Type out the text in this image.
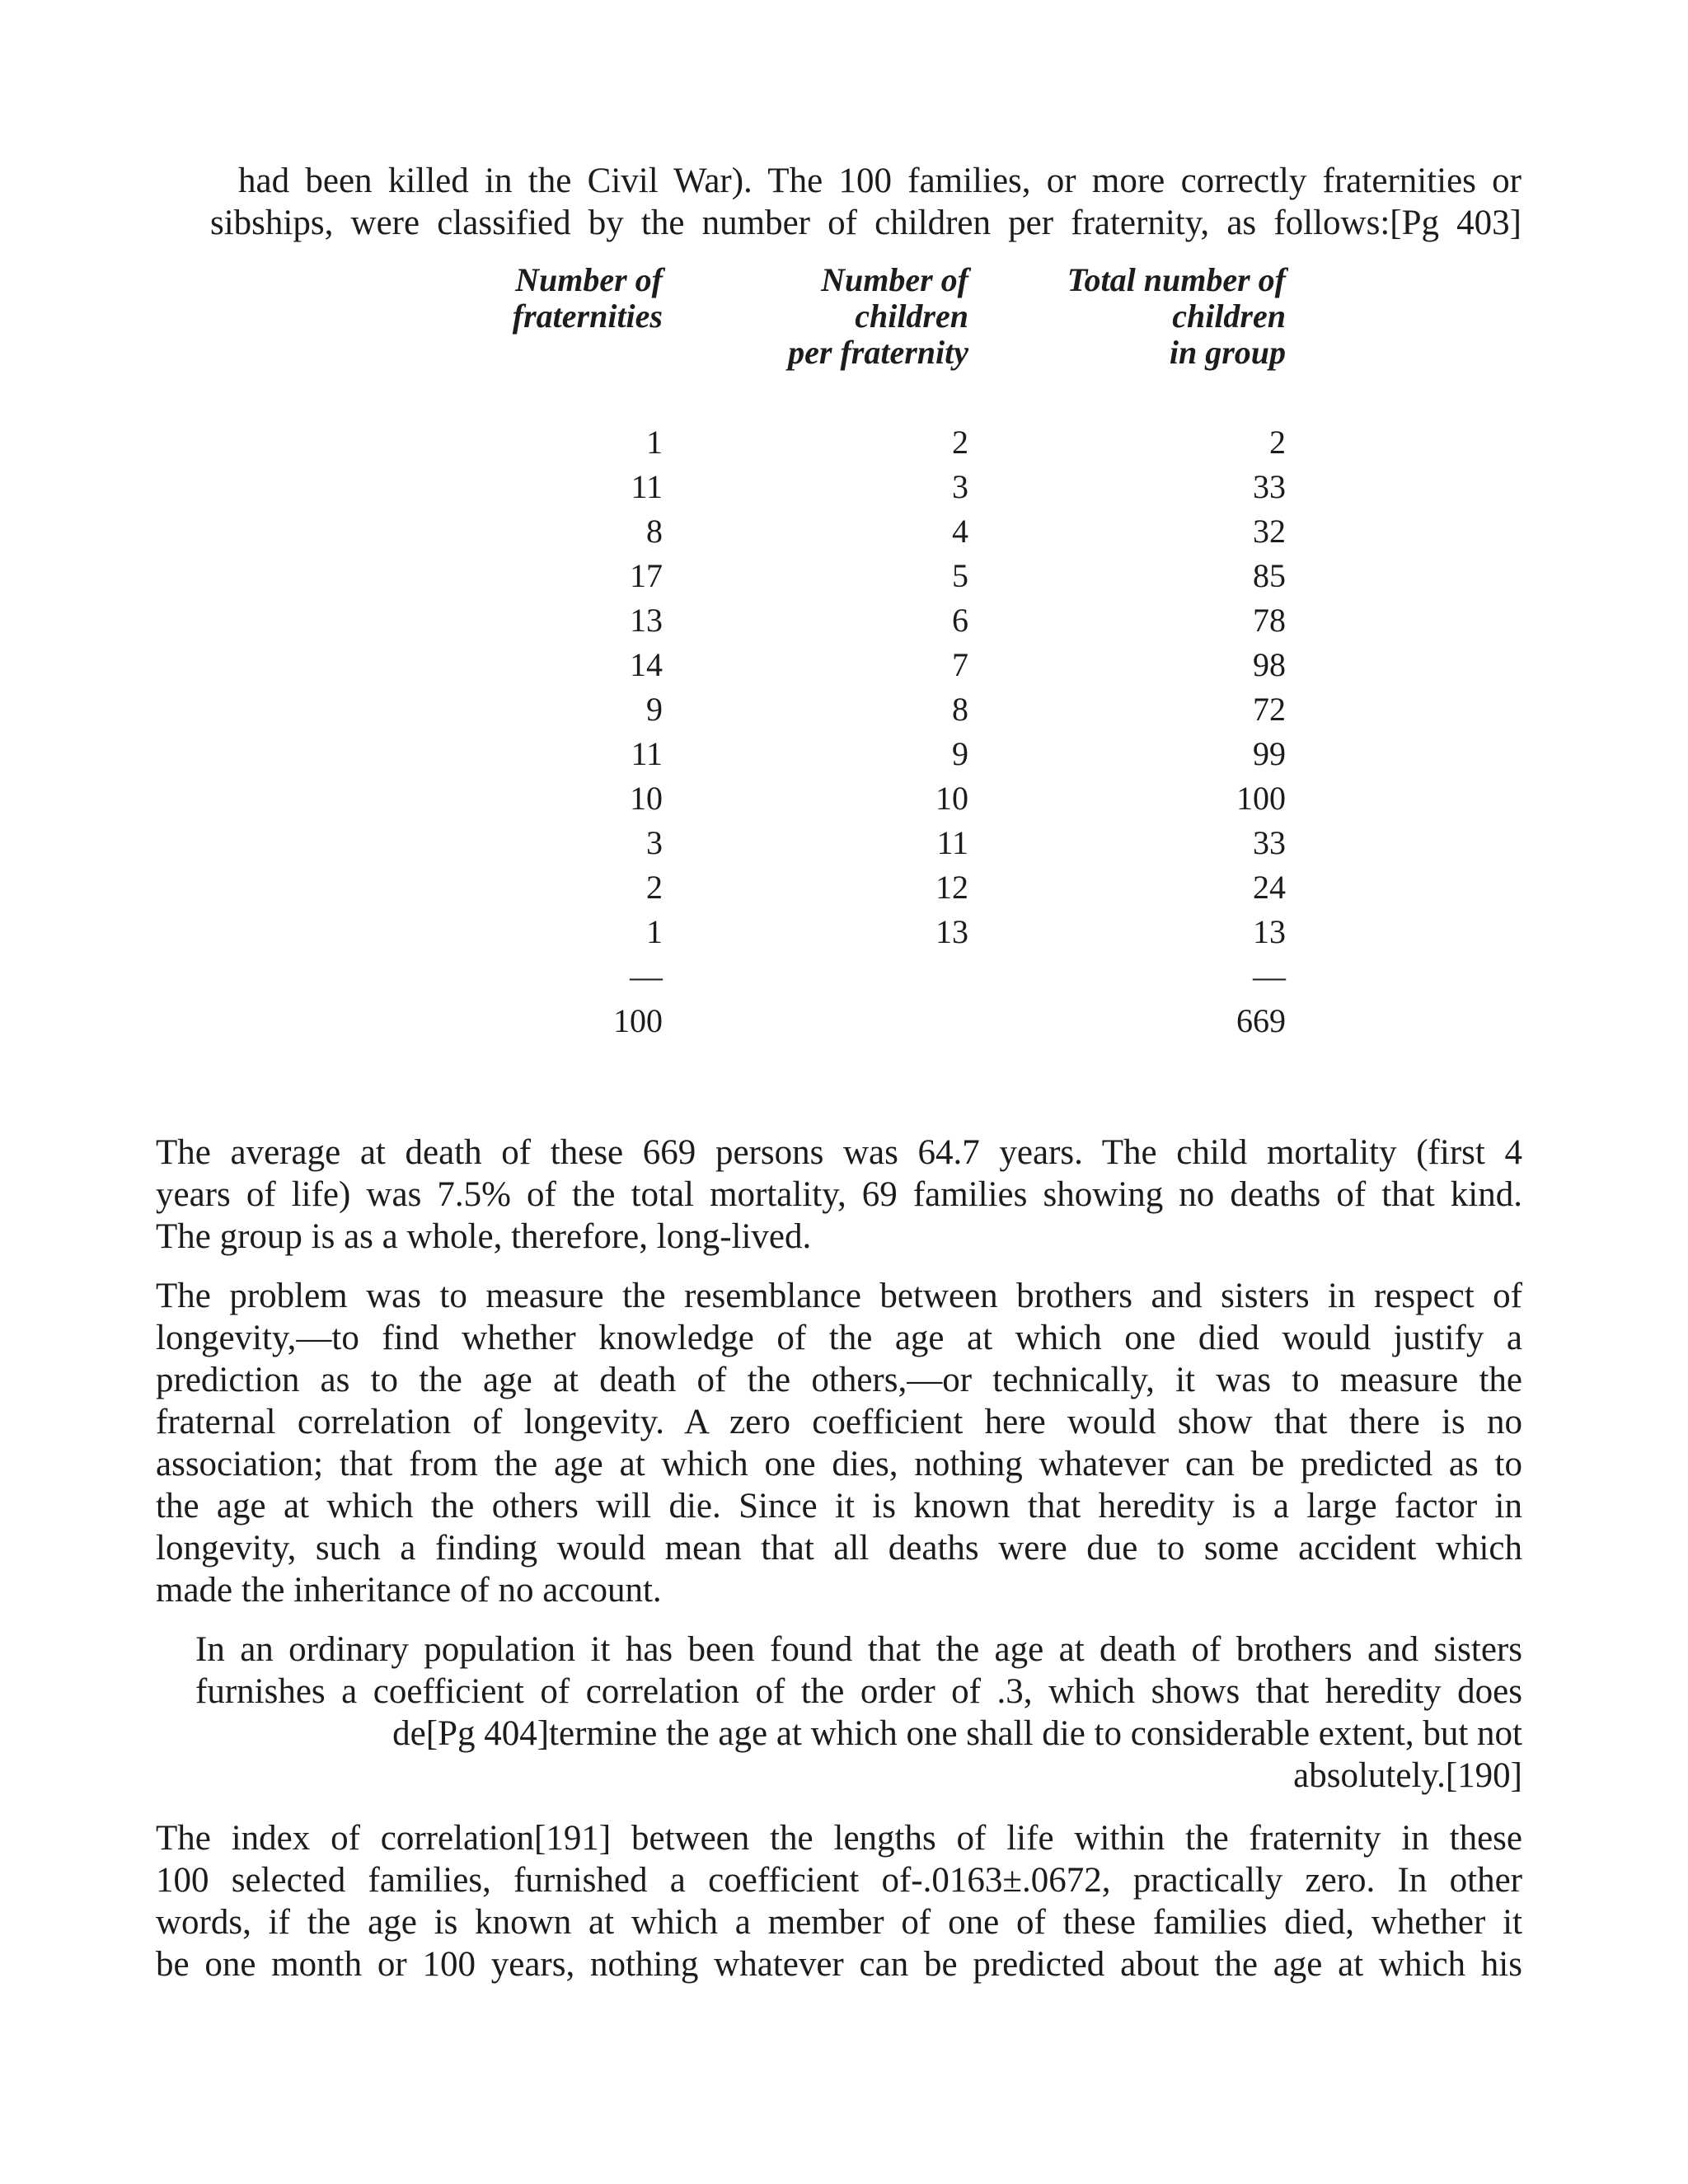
had been killed in the Civil War). The 100 families, or more correctly fraternities or
sibships, were classified by the number of children per fraternity, as follows:[Pg 403]
Number of
fraternities
Number of
children
per fraternity
Total number of
children
in group
1
11
8
17
13
14
9
11
10
3
2
1
—
100
2
3
4
5
6
7
8
9
10
11
12
13
2
33
32
85
78
98
72
99
100
33
24
13
—
669
The average at death of these 669 persons was 64.7 years. The child mortality (first 4
years of life) was 7.5% of the total mortality, 69 families showing no deaths of that kind.
The group is as a whole, therefore, long-lived.
The problem was to measure the resemblance between brothers and sisters in respect of
longevity,—to find whether knowledge of the age at which one died would justify a
prediction as to the age at death of the others,—or technically, it was to measure the
fraternal correlation of longevity. A zero coefficient here would show that there is no
association; that from the age at which one dies, nothing whatever can be predicted as to
the age at which the others will die. Since it is known that heredity is a large factor in
longevity, such a finding would mean that all deaths were due to some accident which
made the inheritance of no account.
In an ordinary population it has been found that the age at death of brothers and sisters
furnishes a coefficient of correlation of the order of .3, which shows that heredity does
de[Pg 404]termine the age at which one shall die to considerable extent, but not
absolutely.[190]
The index of correlation[191] between the lengths of life within the fraternity in these
100 selected families, furnished a coefficient of-.0163±.0672, practically zero. In other
words, if the age is known at which a member of one of these families died, whether it
be one month or 100 years, nothing whatever can be predicted about the age at which his
